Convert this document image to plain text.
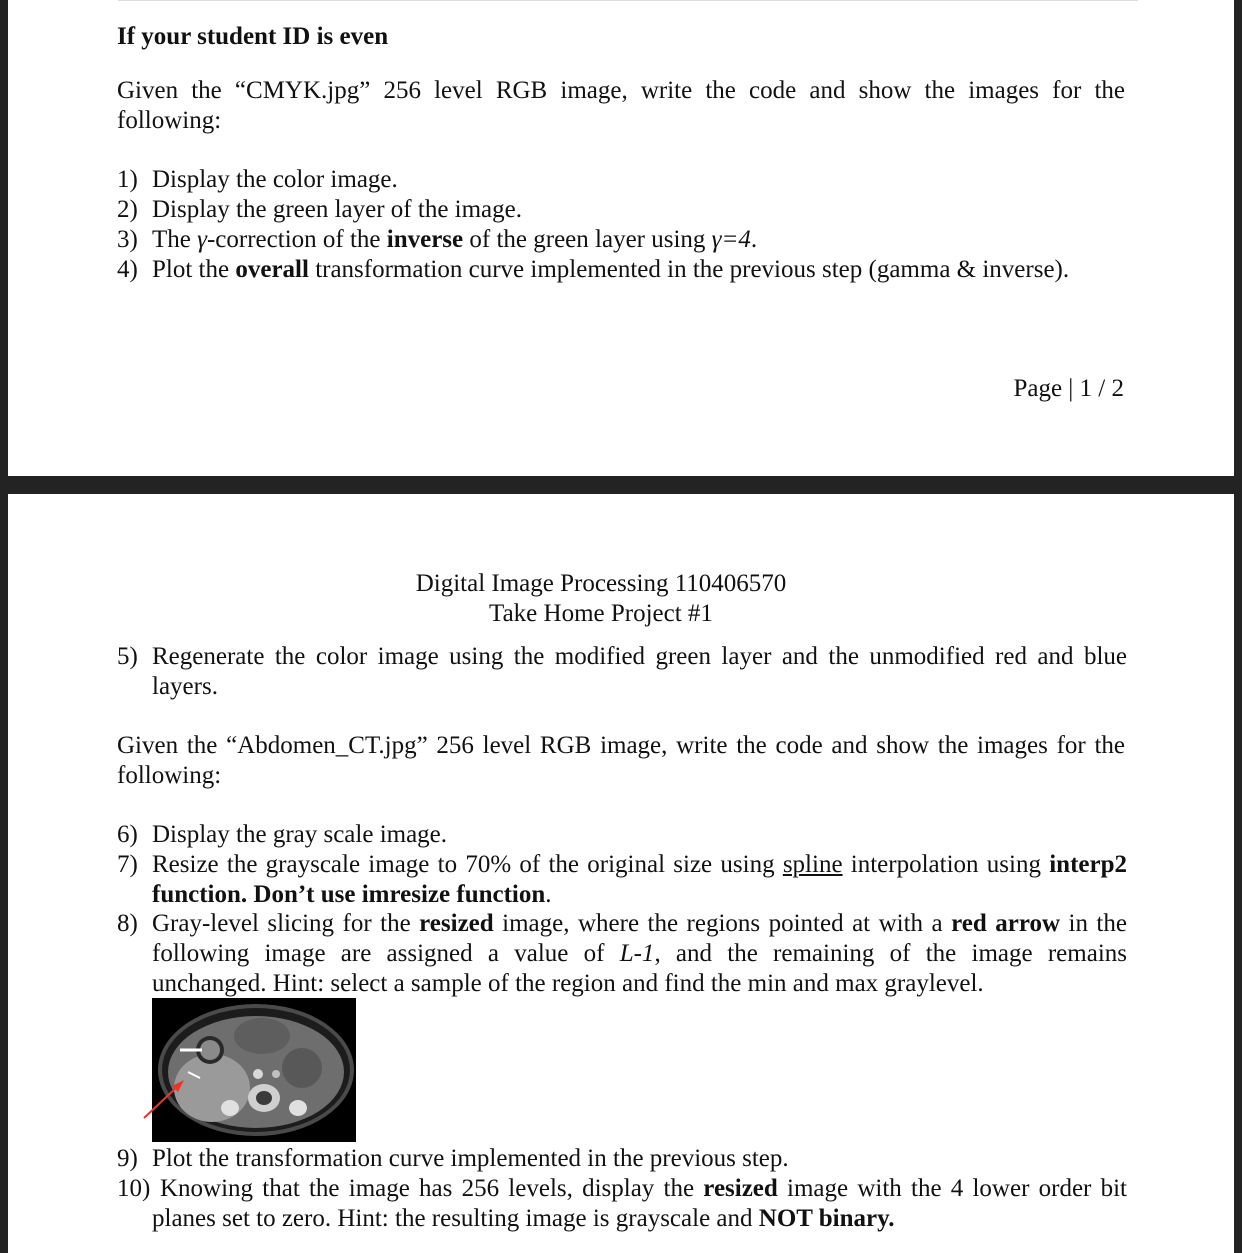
If your student ID is even
Given the “CMYK.jpg” 256 level RGB image, write the code and show the images for the
following:
1) Display the color image.
2) Display the green layer of the image.
3) The γ-correction of the inverse of the green layer using γ=4.
4) Plot the overall transformation curve implemented in the previous step (gamma & inverse).
Page | 1 / 2
Digital Image Processing 110406570
Take Home Project #1
5) Regenerate the color image using the modified green layer and the unmodified red and blue
layers.
Given the “Abdomen_CT.jpg” 256 level RGB image, write the code and show the images for the
following:
6) Display the gray scale image.
7) Resize the grayscale image to 70% of the original size using spline interpolation using interp2
function. Don’t use imresize function.
8) Gray-level slicing for the resized image, where the regions pointed at with a red arrow in the
following image are assigned a value of L-1, and the remaining of the image remains
unchanged. Hint: select a sample of the region and find the min and max graylevel.
9) Plot the transformation curve implemented in the previous step.
10) Knowing that the image has 256 levels, display the resized image with the 4 lower order bit
planes set to zero. Hint: the resulting image is grayscale and NOT binary.
